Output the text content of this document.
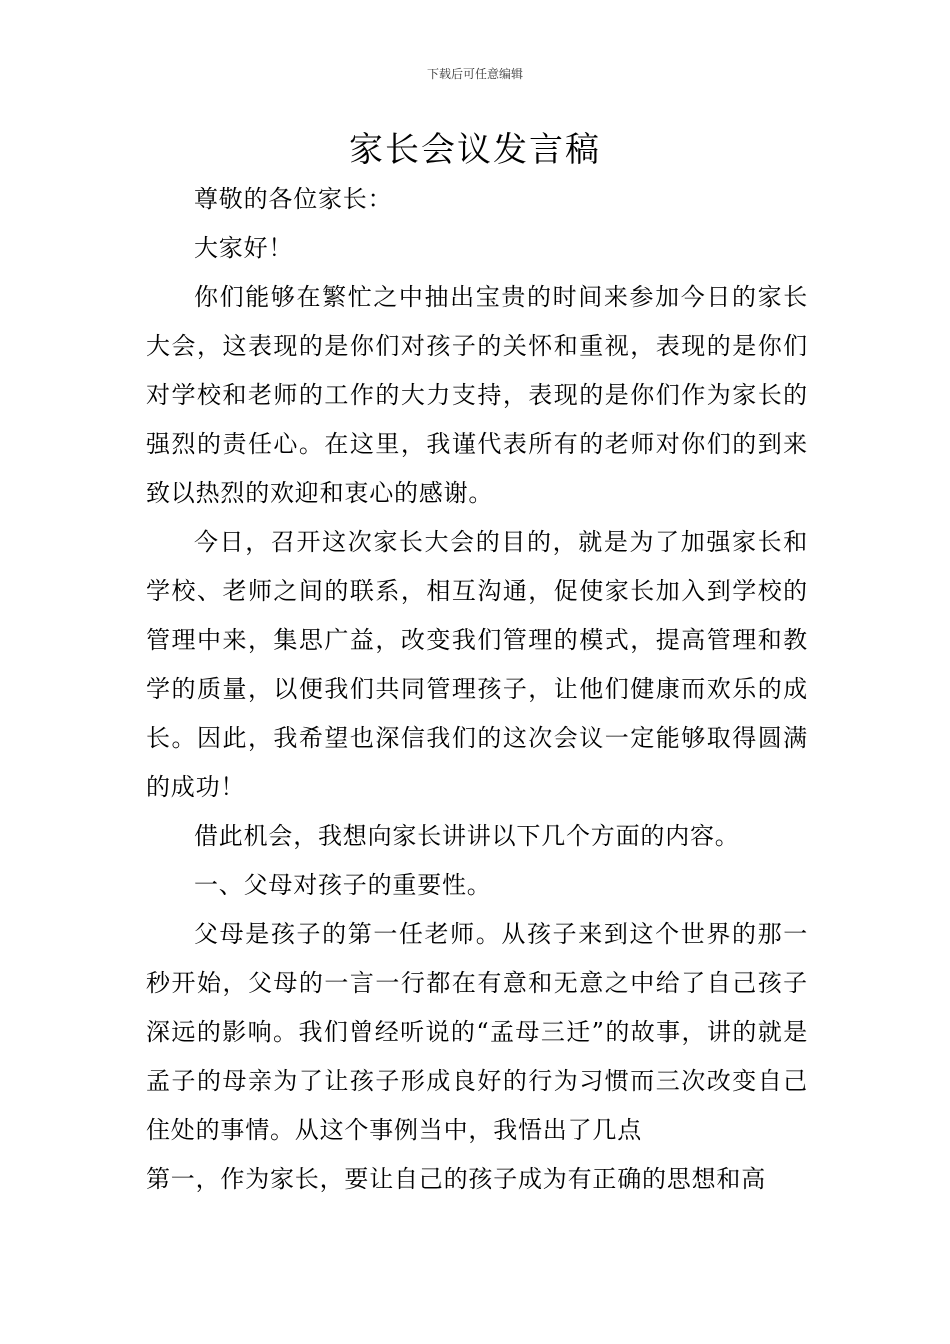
下载后可任意编辑
家长会议发言稿

尊敬的各位家长：

大家好！

你们能够在繁忙之中抽出宝贵的时间来参加今日的家长大会，这表现的是你们对孩子的关怀和重视，表现的是你们对学校和老师的工作的大力支持，表现的是你们作为家长的强烈的责任心。在这里，我谨代表所有的老师对你们的到来致以热烈的欢迎和衷心的感谢。

今日，召开这次家长大会的目的，就是为了加强家长和学校、老师之间的联系，相互沟通，促使家长加入到学校的管理中来，集思广益，改变我们管理的模式，提高管理和教学的质量，以便我们共同管理孩子，让他们健康而欢乐的成长。因此，我希望也深信我们的这次会议一定能够取得圆满的成功！

借此机会，我想向家长讲讲以下几个方面的内容。

一、父母对孩子的重要性。

父母是孩子的第一任老师。从孩子来到这个世界的那一秒开始，父母的一言一行都在有意和无意之中给了自己孩子深远的影响。我们曾经听说的“孟母三迁”的故事，讲的就是孟子的母亲为了让孩子形成良好的行为习惯而三次改变自己住处的事情。从这个事例当中，我悟出了几点

第一，作为家长，要让自己的孩子成为有正确的思想和高
